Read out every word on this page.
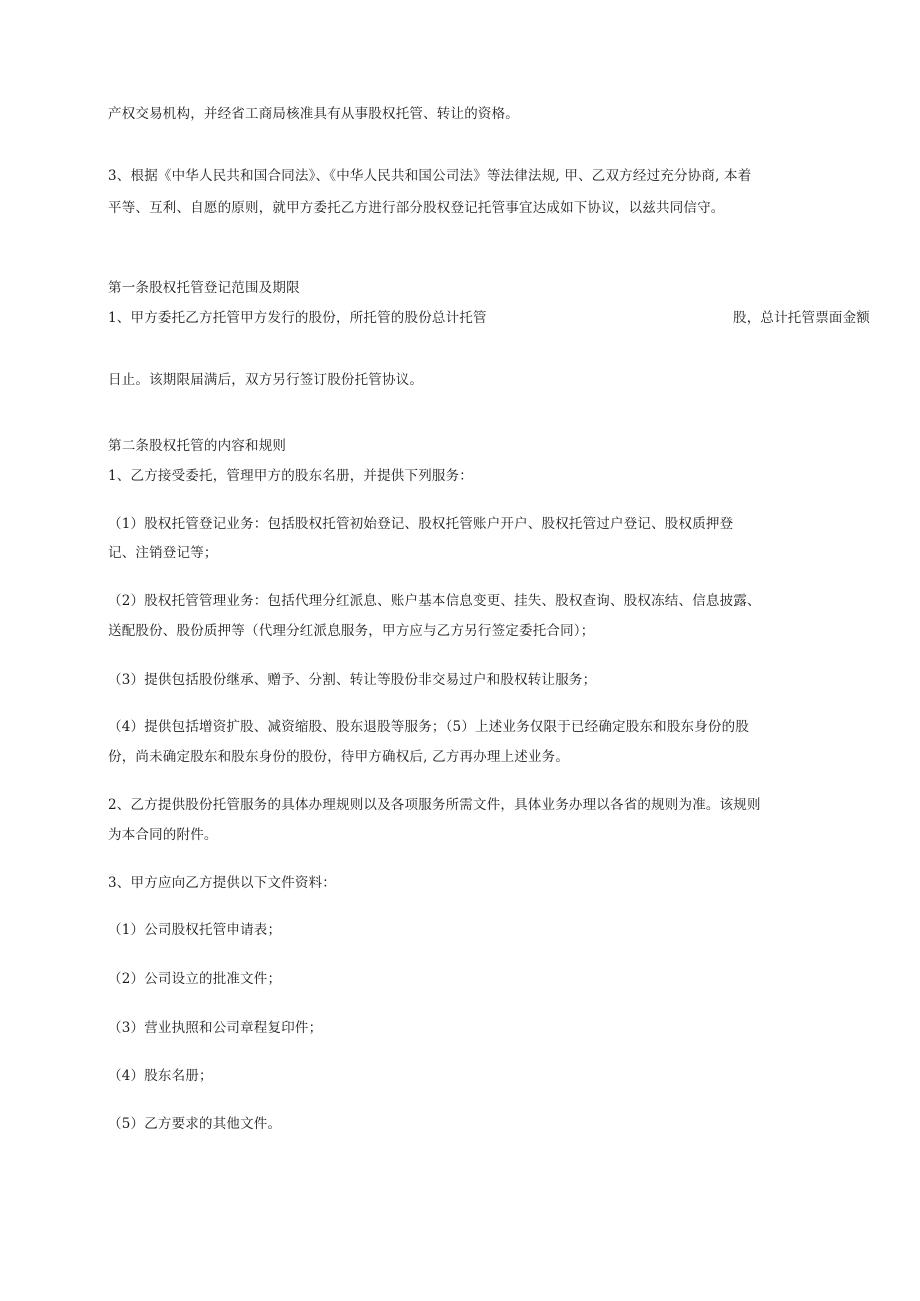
产权交易机构，并经省工商局核准具有从事股权托管、转让的资格。
3、根据《中华人民共和国合同法》、《中华人民共和国公司法》等法律法规, 甲、乙双方经过充分协商, 本着
平等、互利、自愿的原则，就甲方委托乙方进行部分股权登记托管事宜达成如下协议，以兹共同信守。
第一条股权托管登记范围及期限
1、甲方委托乙方托管甲方发行的股份，所托管的股份总计托管	股，总计托管票面金额
日止。该期限届满后，双方另行签订股份托管协议。
第二条股权托管的内容和规则
1、乙方接受委托，管理甲方的股东名册，并提供下列服务：
（1）股权托管登记业务：包括股权托管初始登记、股权托管账户开户、股权托管过户登记、股权质押登
记、注销登记等；
（2）股权托管管理业务：包括代理分红派息、账户基本信息变更、挂失、股权查询、股权冻结、信息披露、
送配股份、股份质押等（代理分红派息服务，甲方应与乙方另行签定委托合同）；
（3）提供包括股份继承、赠予、分割、转让等股份非交易过户和股权转让服务；
（4）提供包括增资扩股、减资缩股、股东退股等服务；（5）上述业务仅限于已经确定股东和股东身份的股
份，尚未确定股东和股东身份的股份，待甲方确权后, 乙方再办理上述业务。
2、乙方提供股份托管服务的具体办理规则以及各项服务所需文件，具体业务办理以各省的规则为准。该规则
为本合同的附件。
3、甲方应向乙方提供以下文件资料：
（1）公司股权托管申请表；
（2）公司设立的批准文件；
（3）营业执照和公司章程复印件；
（4）股东名册；
（5）乙方要求的其他文件。
